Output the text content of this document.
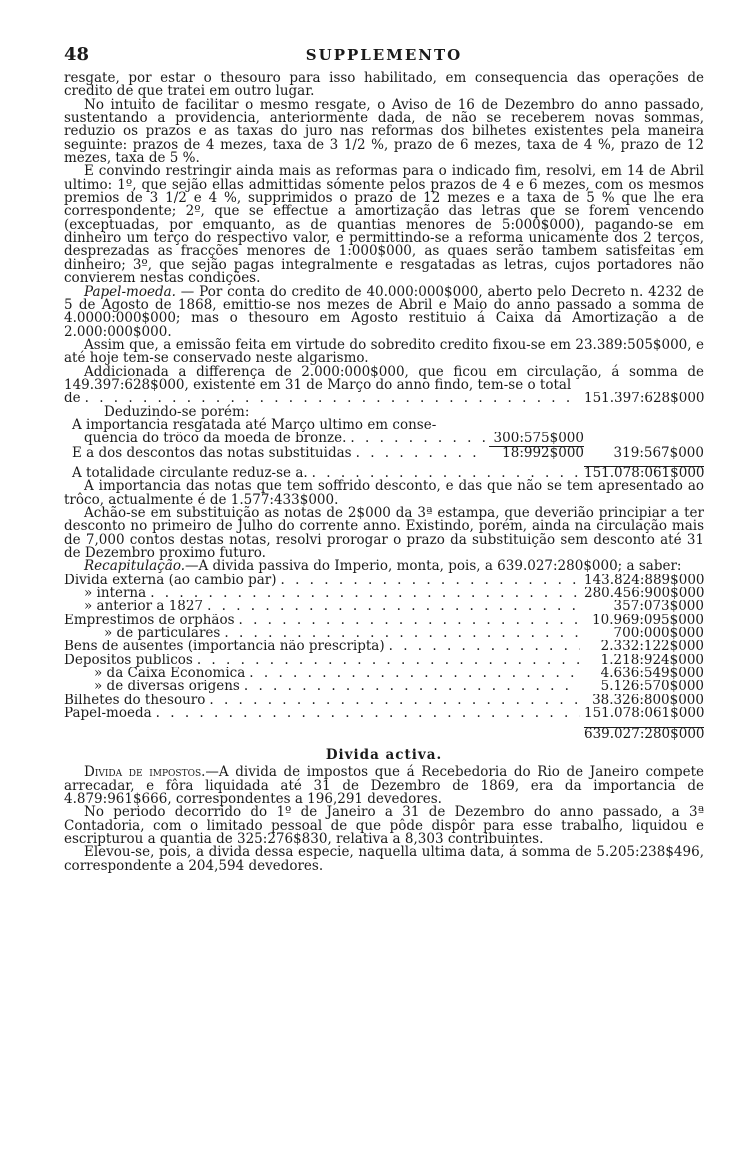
48	SUPPLEMENTO

resgate, por estar o thesouro para isso habilitado, em consequencia das operações de credito de que tratei em outro lugar.

No intuito de facilitar o mesmo resgate, o Aviso de 16 de Dezembro do anno passado, sustentando a providencia, anteriormente dada, de não se receberem novas sommas, reduzio os prazos e as taxas do juro nas reformas dos bilhetes existentes pela maneira seguinte: prazos de 4 mezes, taxa de 3 1/2 %, prazo de 6 mezes, taxa de 4 %, prazo de 12 mezes, taxa de 5 %.

E convindo restringir ainda mais as reformas para o indicado fim, resolvi, em 14 de Abril ultimo: 1º, que sejão ellas admittidas sómente pelos prazos de 4 e 6 mezes, com os mesmos premios de 3 1/2 e 4 %, supprimidos o prazo de 12 mezes e a taxa de 5 % que lhe era correspondente; 2º, que se effectue a amortização das letras que se forem vencendo (exceptuadas, por emquanto, as de quantias menores de 5:000$000), pagando-se em dinheiro um terço do respectivo valor, e permittindo-se a reforma unicamente dos 2 terços, desprezadas as fracções menores de 1:000$000, as quaes serão tambem satisfeitas em dinheiro; 3º, que sejão pagas integralmente e resgatadas as letras, cujos portadores não convierem nestas condições.

Papel-moeda. — Por conta do credito de 40.000:000$000, aberto pelo Decreto n. 4232 de 5 de Agosto de 1868, emittio-se nos mezes de Abril e Maio do anno passado a somma de 4.0000:000$000; mas o thesouro em Agosto restituio á Caixa da Amortização a de 2.000:000$000.

Assim que, a emissão feita em virtude do sobredito credito fixou-se em 23.389:505$000, e até hoje tem-se conservado neste algarismo.

Addicionada a differença de 2.000:000$000, que ficou em circulação, á somma de 149.397:628$000, existente em 31 de Março do anno findo, tem-se o total

de . . .	151.397:628$000
Deduzindo-se porém:
A importancia resgatada até Março ultimo em conse-
quencia do trôco da moeda de bronze. . . .	300:575$000
E a dos descontos das notas substituidas . . .	18:992$000	319:567$000
A totalidade circulante reduz-se a. . . .	151.078:061$000

A importancia das notas que tem soffrido desconto, e das que não se tem apresentado ao trôco, actualmente é de 1.577:433$000.

Achão-se em substituição as notas de 2$000 da 3ª estampa, que deverião principiar a ter desconto no primeiro de Julho do corrente anno. Existindo, porém, ainda na circulação mais de 7,000 contos destas notas, resolvi prorogar o prazo da substituição sem desconto até 31 de Dezembro proximo futuro.

Recapitulação.—A divida passiva do Imperio, monta, pois, a 639.027:280$000; a saber:

Divida externa (ao cambio par) . . .	143.824:889$000
» interna . . .	280.456:900$000
» anterior a 1827 . . .	357:073$000
Emprestimos de orphãos . . .	10.969:095$000
» de particulares . . .	700:000$000
Bens de ausentes (importancia não prescripta) . . .	2.332:122$000
Depositos publicos . . .	1.218:924$000
» da Caixa Economica . . .	4.636:549$000
» de diversas origens . . .	5.126:570$000
Bilhetes do thesouro . . .	38.326:800$000
Papel-moeda . . .	151.078:061$000
639.027:280$000
Divida activa.

Divida de impostos.—A divida de impostos que á Recebedoria do Rio de Janeiro compete arrecadar, e fôra liquidada até 31 de Dezembro de 1869, era da importancia de 4.879:961$666, correspondentes a 196,291 devedores.

No periodo decorrido do 1º de Janeiro a 31 de Dezembro do anno passado, a 3ª Contadoria, com o limitado pessoal de que pôde dispôr para esse trabalho, liquidou e escripturou a quantia de 325:276$830, relativa a 8,303 contribuintes.

Elevou-se, pois, a divida dessa especie, naquella ultima data, á somma de 5.205:238$496, correspondente a 204,594 devedores.
